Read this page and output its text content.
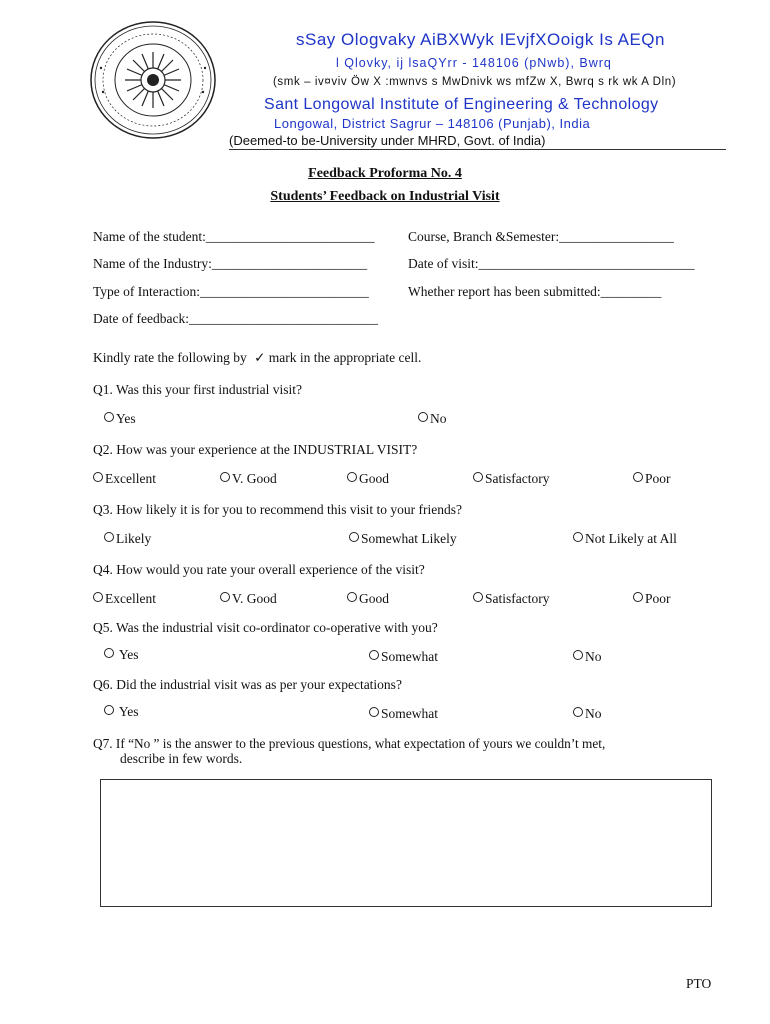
sSay Ologvaky AiBXWyk IEvjfXOoigk Is AEQn
l Qlovky, ij lsaQYrr - 148106 (pNwb), Bwrq
(smk – iv¤viv Öw X :mwnvs s MwDnivk ws mfZw X, Bwrq s rk wk A Dln)
Sant Longowal Institute of Engineering & Technology
Longowal, District Sagrur – 148106 (Punjab), India
(Deemed-to be-University under MHRD, Govt. of India)
Feedback Proforma No. 4
Students’ Feedback on Industrial Visit
Name of the student:_________________________ Course, Branch &Semester:_________________
Name of the Industry:_______________________	Date of visit:________________________________
Type of Interaction:_________________________	Whether report has been submitted:_________
Date of feedback:____________________________
Kindly rate the following by ✓ mark in the appropriate cell.
Q1. Was this your first industrial visit?
Yes	No
Q2. How was your experience at the INDUSTRIAL VISIT?
Excellent	V. Good	Good	Satisfactory	Poor
Q3. How likely it is for you to recommend this visit to your friends?
Likely	Somewhat Likely	Not Likely at All
Q4. How would you rate your overall experience of the visit?
Excellent	V. Good	Good	Satisfactory	Poor
Q5. Was the industrial visit co-ordinator co-operative with you?
Yes	Somewhat	No
Q6. Did the industrial visit was as per your expectations?
Yes	Somewhat	No
Q7. If “No ” is the answer to the previous questions, what expectation of yours we couldn’t met,
describe in few words.
PTO
